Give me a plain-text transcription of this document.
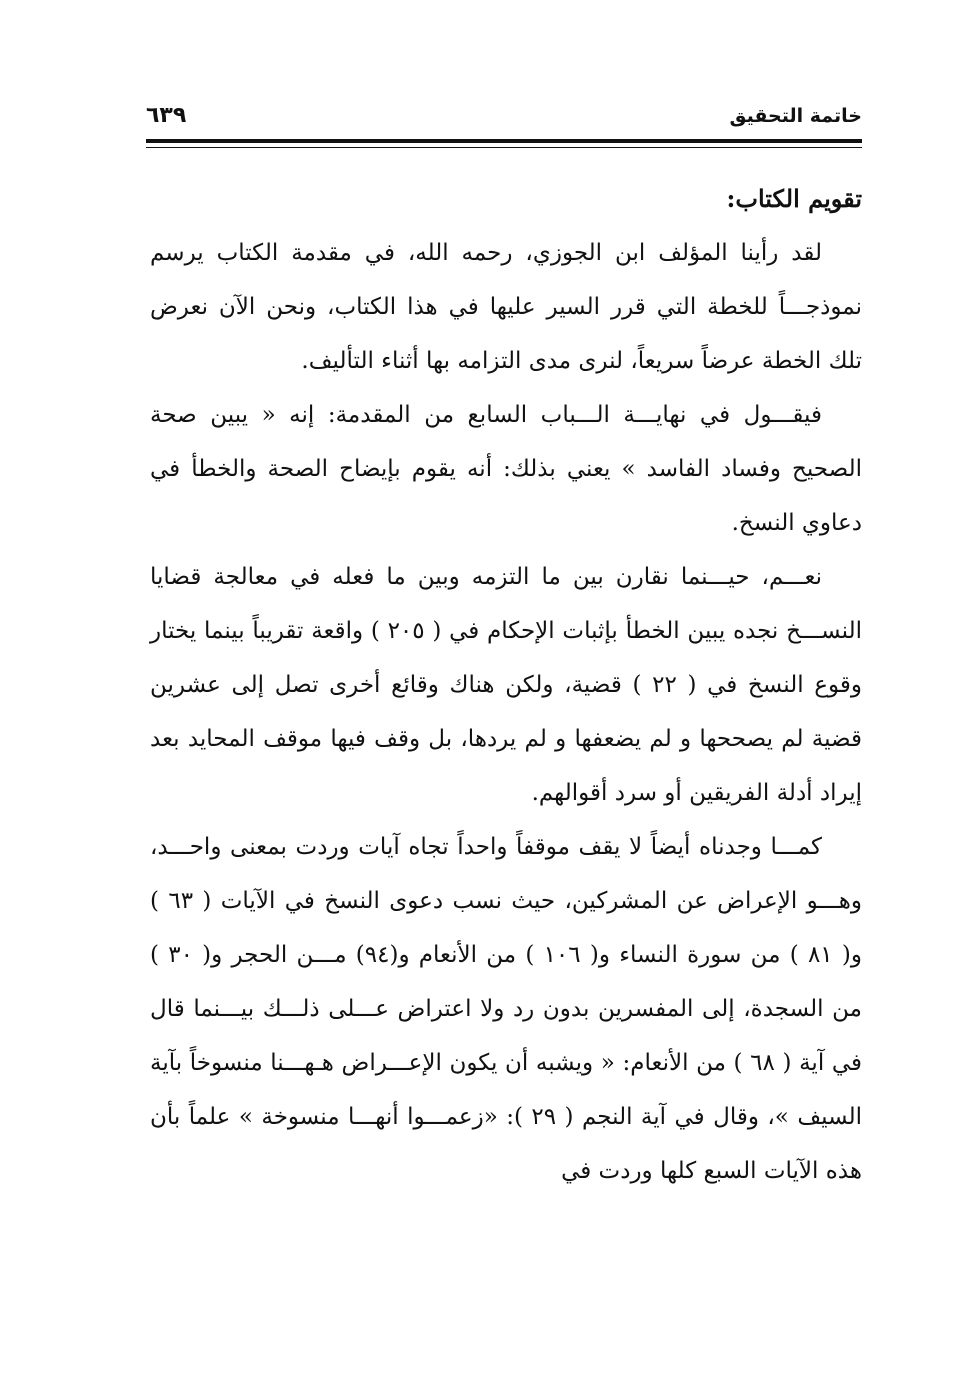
خاتمة التحقيق
٦٣٩
تقويم الكتاب:

لقد رأينا المؤلف ابن الجوزي، رحمه الله، في مقدمة الكتاب يرسم نموذجـــاً للخطة التي قرر السير عليها في هذا الكتاب، ونحن الآن نعرض تلك الخطة عرضاً سريعاً، لنرى مدى التزامه بها أثناء التأليف.

فيقـــول في نهايـــة الـــباب السابع من المقدمة: إنه « يبين صحة الصحيح وفساد الفاسد » يعني بذلك: أنه يقوم بإيضاح الصحة والخطأ في دعاوي النسخ.

نعـــم، حيـــنما نقارن بين ما التزمه وبين ما فعله في معالجة قضايا النســـخ نجده يبين الخطأ بإثبات الإحكام في ( ٢٠٥ ) واقعة تقريباً بينما يختار وقوع النسخ في ( ٢٢ ) قضية، ولكن هناك وقائع أخرى تصل إلى عشرين قضية لم يصححها و لم يضعفها و لم يردها، بل وقف فيها موقف المحايد بعد إيراد أدلة الفريقين أو سرد أقوالهم.

كمـــا وجدناه أيضاً لا يقف موقفاً واحداً تجاه آيات وردت بمعنى واحـــد، وهـــو الإعراض عن المشركين، حيث نسب دعوى النسخ في الآيات ( ٦٣ ) و( ٨١ ) من سورة النساء و( ١٠٦ ) من الأنعام و(٩٤) مـــن الحجر و( ٣٠ ) من السجدة، إلى المفسرين بدون رد ولا اعتراض عـــلى ذلـــك بيـــنما قال في آية ( ٦٨ ) من الأنعام: « ويشبه أن يكون الإعـــراض هـهـــنا منسوخاً بآية السيف »، وقال في آية النجم ( ٢٩ ): «زعمـــوا أنهـــا منسوخة » علماً بأن هذه الآيات السبع كلها وردت في
